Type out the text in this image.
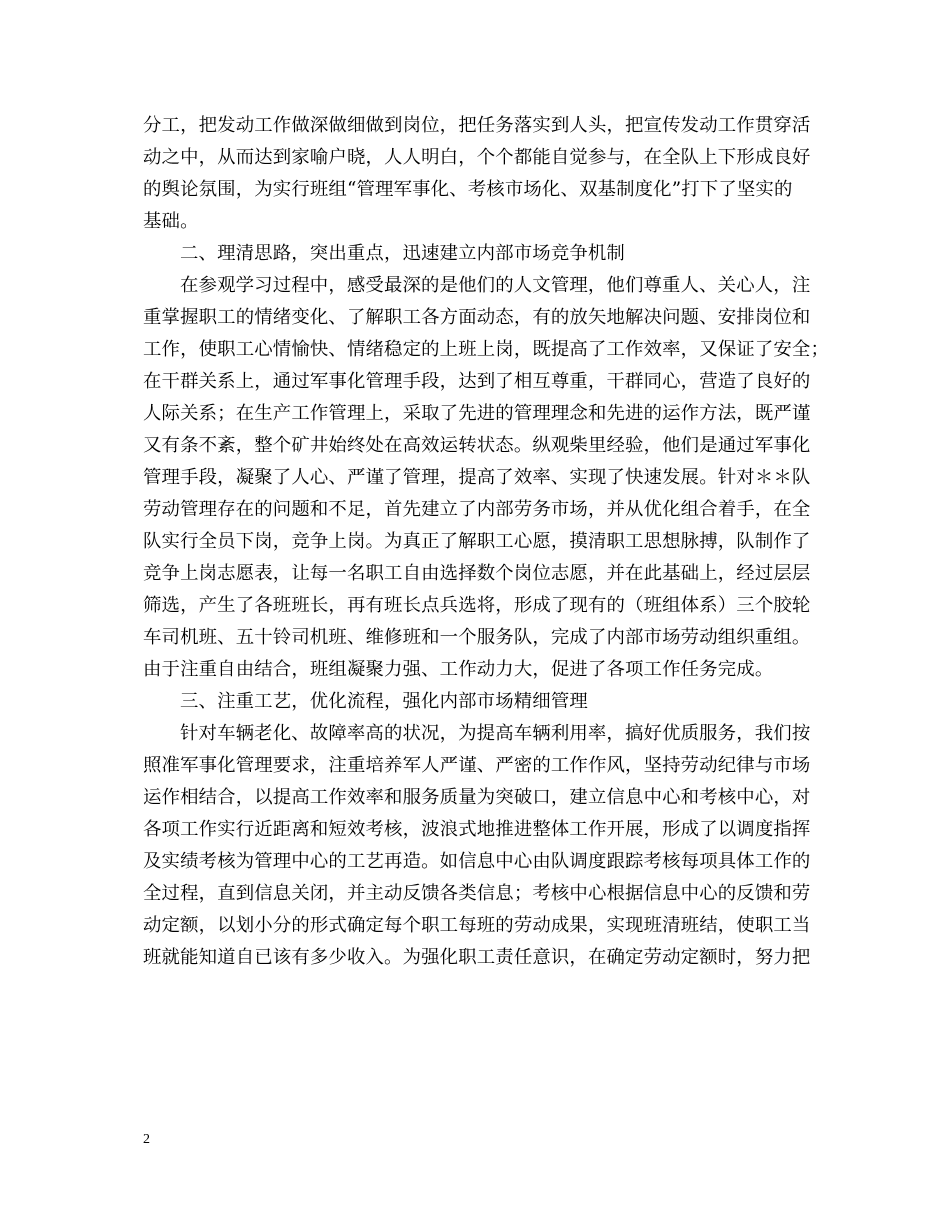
分工，把发动工作做深做细做到岗位，把任务落实到人头，把宣传发动工作贯穿活
动之中，从而达到家喻户晓，人人明白，个个都能自觉参与，在全队上下形成良好
的舆论氛围，为实行班组“管理军事化、考核市场化、双基制度化”打下了坚实的
基础。
二、理清思路，突出重点，迅速建立内部市场竞争机制
在参观学习过程中，感受最深的是他们的人文管理，他们尊重人、关心人，注
重掌握职工的情绪变化、了解职工各方面动态，有的放矢地解决问题、安排岗位和
工作，使职工心情愉快、情绪稳定的上班上岗，既提高了工作效率，又保证了安全；
在干群关系上，通过军事化管理手段，达到了相互尊重，干群同心，营造了良好的
人际关系；在生产工作管理上，采取了先进的管理理念和先进的运作方法，既严谨
又有条不紊，整个矿井始终处在高效运转状态。纵观柴里经验，他们是通过军事化
管理手段，凝聚了人心、严谨了管理，提高了效率、实现了快速发展。针对＊＊队
劳动管理存在的问题和不足，首先建立了内部劳务市场，并从优化组合着手，在全
队实行全员下岗，竞争上岗。为真正了解职工心愿，摸清职工思想脉搏，队制作了
竞争上岗志愿表，让每一名职工自由选择数个岗位志愿，并在此基础上，经过层层
筛选，产生了各班班长，再有班长点兵选将，形成了现有的（班组体系）三个胶轮
车司机班、五十铃司机班、维修班和一个服务队，完成了内部市场劳动组织重组。
由于注重自由结合，班组凝聚力强、工作动力大，促进了各项工作任务完成。
三、注重工艺，优化流程，强化内部市场精细管理
针对车辆老化、故障率高的状况，为提高车辆利用率，搞好优质服务，我们按
照准军事化管理要求，注重培养军人严谨、严密的工作作风，坚持劳动纪律与市场
运作相结合，以提高工作效率和服务质量为突破口，建立信息中心和考核中心，对
各项工作实行近距离和短效考核，波浪式地推进整体工作开展，形成了以调度指挥
及实绩考核为管理中心的工艺再造。如信息中心由队调度跟踪考核每项具体工作的
全过程，直到信息关闭，并主动反馈各类信息；考核中心根据信息中心的反馈和劳
动定额，以划小分的形式确定每个职工每班的劳动成果，实现班清班结，使职工当
班就能知道自已该有多少收入。为强化职工责任意识，在确定劳动定额时，努力把
2
